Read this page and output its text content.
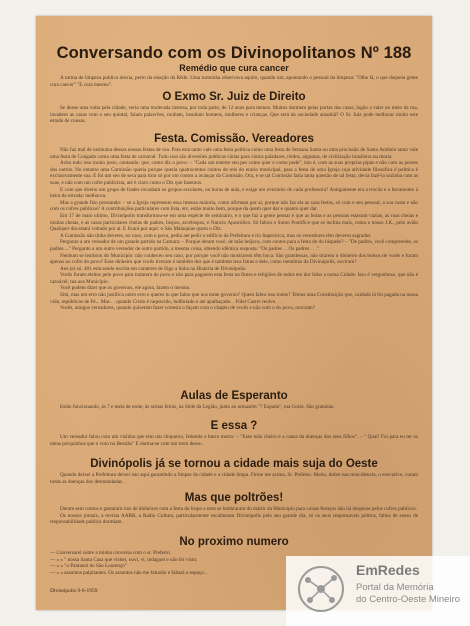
Conversando com os Divinopolitanos Nº 188
Remédio que cura cancer

A turma de limpeza publica mexia, perto da estação da Rêde. Uma turminha observava aquilo, quando um, apontando o pessoal da limpeza: "Olhe lá, o que daqueia gente cura cancer" "E cura mesmo".

O Exmo Sr. Juiz de Direito

Se desse uma volta pela cidade, veria uma molecada imensa, por toda parte, de 12 anos para menos. Muitos dormem pelas portas das casas, logão a valer no meio da rua, invadem as casas com o seu quintal, falam palavrões, roubam, insultam homens, mulheres e crianças. Que será da sociedade amanhã? O Sr. Juiz pode melhorar muito este estado de cousas.

Festa. Comissão. Vereadores

Não faz mal de nenhuma dessas nossas festas de rua. Para esta tanto vale uma festa politica como uma festa de Semana Santa ou uma procissão de Santo Antônio tanto vale uma festa de Congado como uma festa de carnaval. Tudo isso são diversões publicas várias para vários paladares, reidos, algumas, de civilização brasileira ou morta.

Acho tudo isso muito justo, contando: que, como diz o povo: – "Cada um enterre seu pes como quer e como pode", isto é, com as suas proprias pipas e não com as posses dos outros. No entanto uma Comissão queria porque queria quatrocentos contos de reis do erario municipal, para a festa de uma Igreja cuja atividade filosofica é politica é exclusivamente sua. E foi um seo de seca para tirar só por um contos a avançar da Comissão. Ora, e se tal Comissão faria tanta questão de tal festa, devia fazê-la sozinha com as suas, e não com um cofre publicista, até é claro como o Diz que fazemos.

E com que direito um grupo de frades invadiam os grupos escolares, no horas de aula, e exige um ovezinho de cada professora? Antigamente era a trocila e o becamento à beira da estrada: melhorou.

Mas a grande fizo pressando: – se a Igreja represento essa imensa maioria, como afirmam por ai, porque não faz ela as suas festas, só com o seu pessoal, a sua custa e não com os cofres publicos? A contribuições particulares com lista, etc, estão muito bem, porque da quem quer dar e quanto quer dar.

Em 17 de maio ultimo, Divinópolis transformou-se em uma espécie de seminário, e o que faz a gente pensar é que as botas e as pessoas estavam vazias, as ruas cheias e muitas cheias, e as casas particulares cheias de padres, bispos, arcebispos, e Nuncio Apostólico. Só faltou o Sumo Pontifice que se inclina mais, como o nosso J.K., pelo avião Qualquer dia estará voltado por aí. E ficará por aqui: o São Malaquias quem o Diz.

A Comissão não tinha deveres, no caso, com o povo, pedia até pedir o edificio da Prefeitura e rio Itapecirica, mas os vereadores têm deveres sagrados

Pergunto a um vereador de um grande partido na Camara: – Porque deram você, de mão beijava, com contos para a festa do do bispado? – "De padres, você compreende, os padres ..." Pergunto a um outro vereador de outro partido, a mesma coisa, obtendo idêntica resposta: "Os padres . . Os padres . . ."

Nenhum se lembrou do Municipio: não conheceu seu caso, por porque você não mostrarem têm boca. São grandessas, não tirarem o dinheiro dos bolsos de vocês e foram apenas no cofre do povo? Esse dinheiro que vocês tiveram é também dos que é tambem teus Istras e dele, como membros da Divinópolis, ouviram?

Aos (e) só, 481 está sendo escrita em carateres de fôgo a linha na Historia de Divinópolis.

Vocês foram eleitos pelo povo para tratarem do povo e não para pagarem esta festa na fimes e religiões de todos em dor lidos a nossa Cidade. Isso é vergonhoso, que não é razoável, tua aos Municipio.

Você podem dizer que os governos, ele agora, fazem o mesmo.

Sim, mas um erro não justifica outro erro e queres tu que falou que nos tome governo? Quem falou isso todos? Temos uma Constituição que, cuidada lá foi pagada na nossa vida, repúblicas de Fé... Mas . . quando Cristo é raquecido, ludibriado e até apalhaçado. . Fidel Castro reolve. . .

Vocês, amigos vereadores, quando quiserem fazer cortesia o façam com o chapéu de vocês e não com o do povo, ouviram?

Aulas de Esperanto

Estão funcionando, às 7 e meia de noite, às sextas feiras, na Séde da Legião, junto ao armazém "7 Espada", rua Goiás. São gratuitas.

E essa ?

Um vereador falou com um vizinho que tem um chiqueiro, fedendo a burro morto: – "Esse mão cheiro é a causa da doenças dos seus filhos". – " Qual! Foi para eu ter os meus porquinhos que o voto no Bestião" E durma-se com um trem desse...

Divinópolis já se tornou a cidade mais suja do Oeste

Quando deixei a Prefeitura deixei isto aqui garantindo a limpas da cidade e a cidade limpa. Firme nte acima, Sr. Prefeito. Muito, dobre nas reincidencia, o executivo, curam todas as doenças dos desmandadas.

Mas que poltrões!

Deram sem contos e gastaram rios de dinheiros com a festa do bispo e nem se lembraram do mártir da Municipio para coisas festejos não há despesas pelos cofres publicos.

Os nossos jornais, a revista AABB, a Radio Cultura, particularmente escolheram Divinópolis pelo seu grande dia, só os seus responsaveis póltros, faltos de senso de responsabilidade publica dormiam.

No proximo numero
— Conversarei sobre a minha conversa com o sr. Prefeito.
— » » " nossa Santa Casa que visitei, ouvi, vi, indaguei e não foi visto;
— » » "o Pantanal do São Lourenço"
— » » assuntos palpitantes. Os assuntos não me faltarão e faltará o espaço...
Divinópolis 9-6-1959
EmRedes
Portal da Memória
do Centro-Oeste Mineiro
